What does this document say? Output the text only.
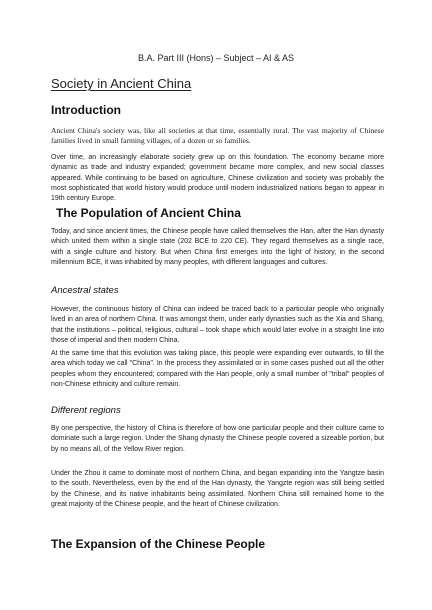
B.A. Part III (Hons) – Subject – AI & AS
Society in Ancient China
Introduction

Ancient China's society was, like all societies at that time, essentially rural. The vast majority of Chinese families lived in small farming villages, of a dozen or so families.

Over time, an increasingly elaborate society grew up on this foundation. The economy became more dynamic as trade and industry expanded; government became more complex, and new social classes appeared. While continuing to be based on agriculture, Chinese civilization and society was probably the most sophisticated that world history would produce until modern industrialized nations began to appear in 19th century Europe.

The Population of Ancient China

Today, and since ancient times, the Chinese people have called themselves the Han, after the Han dynasty which united them within a single state (202 BCE to 220 CE). They regard themselves as a single race, with a single culture and history. But when China first emerges into the light of history, in the second millennium BCE, it was inhabited by many peoples, with different languages and cultures.

Ancestral states

However, the continuous history of China can indeed be traced back to a particular people who originally lived in an area of northern China. It was amongst them, under early dynasties such as the Xia and Shang, that the institutions – political, religious, cultural – took shape which would later evolve in a straight line into those of imperial and then modern China.

At the same time that this evolution was taking place, this people were expanding ever outwards, to fill the area which today we call "China". In the process they assimilated or in some cases pushed out all the other peoples whom they encountered; compared with the Han people, only a small number of "tribal" peoples of non-Chinese ethnicity and culture remain.

Different regions

By one perspective, the history of China is therefore of how one particular people and their culture came to dominate such a large region. Under the Shang dynasty the Chinese people covered a sizeable portion, but by no means all, of the Yellow River region.

Under the Zhou it came to dominate most of northern China, and began expanding into the Yangtze basin to the south. Nevertheless, even by the end of the Han dynasty, the Yangzte region was still being settled by the Chinese, and its native inhabitants being assimilated. Northern China still remained home to the great majority of the Chinese people, and the heart of Chinese civilization.

The Expansion of the Chinese People
